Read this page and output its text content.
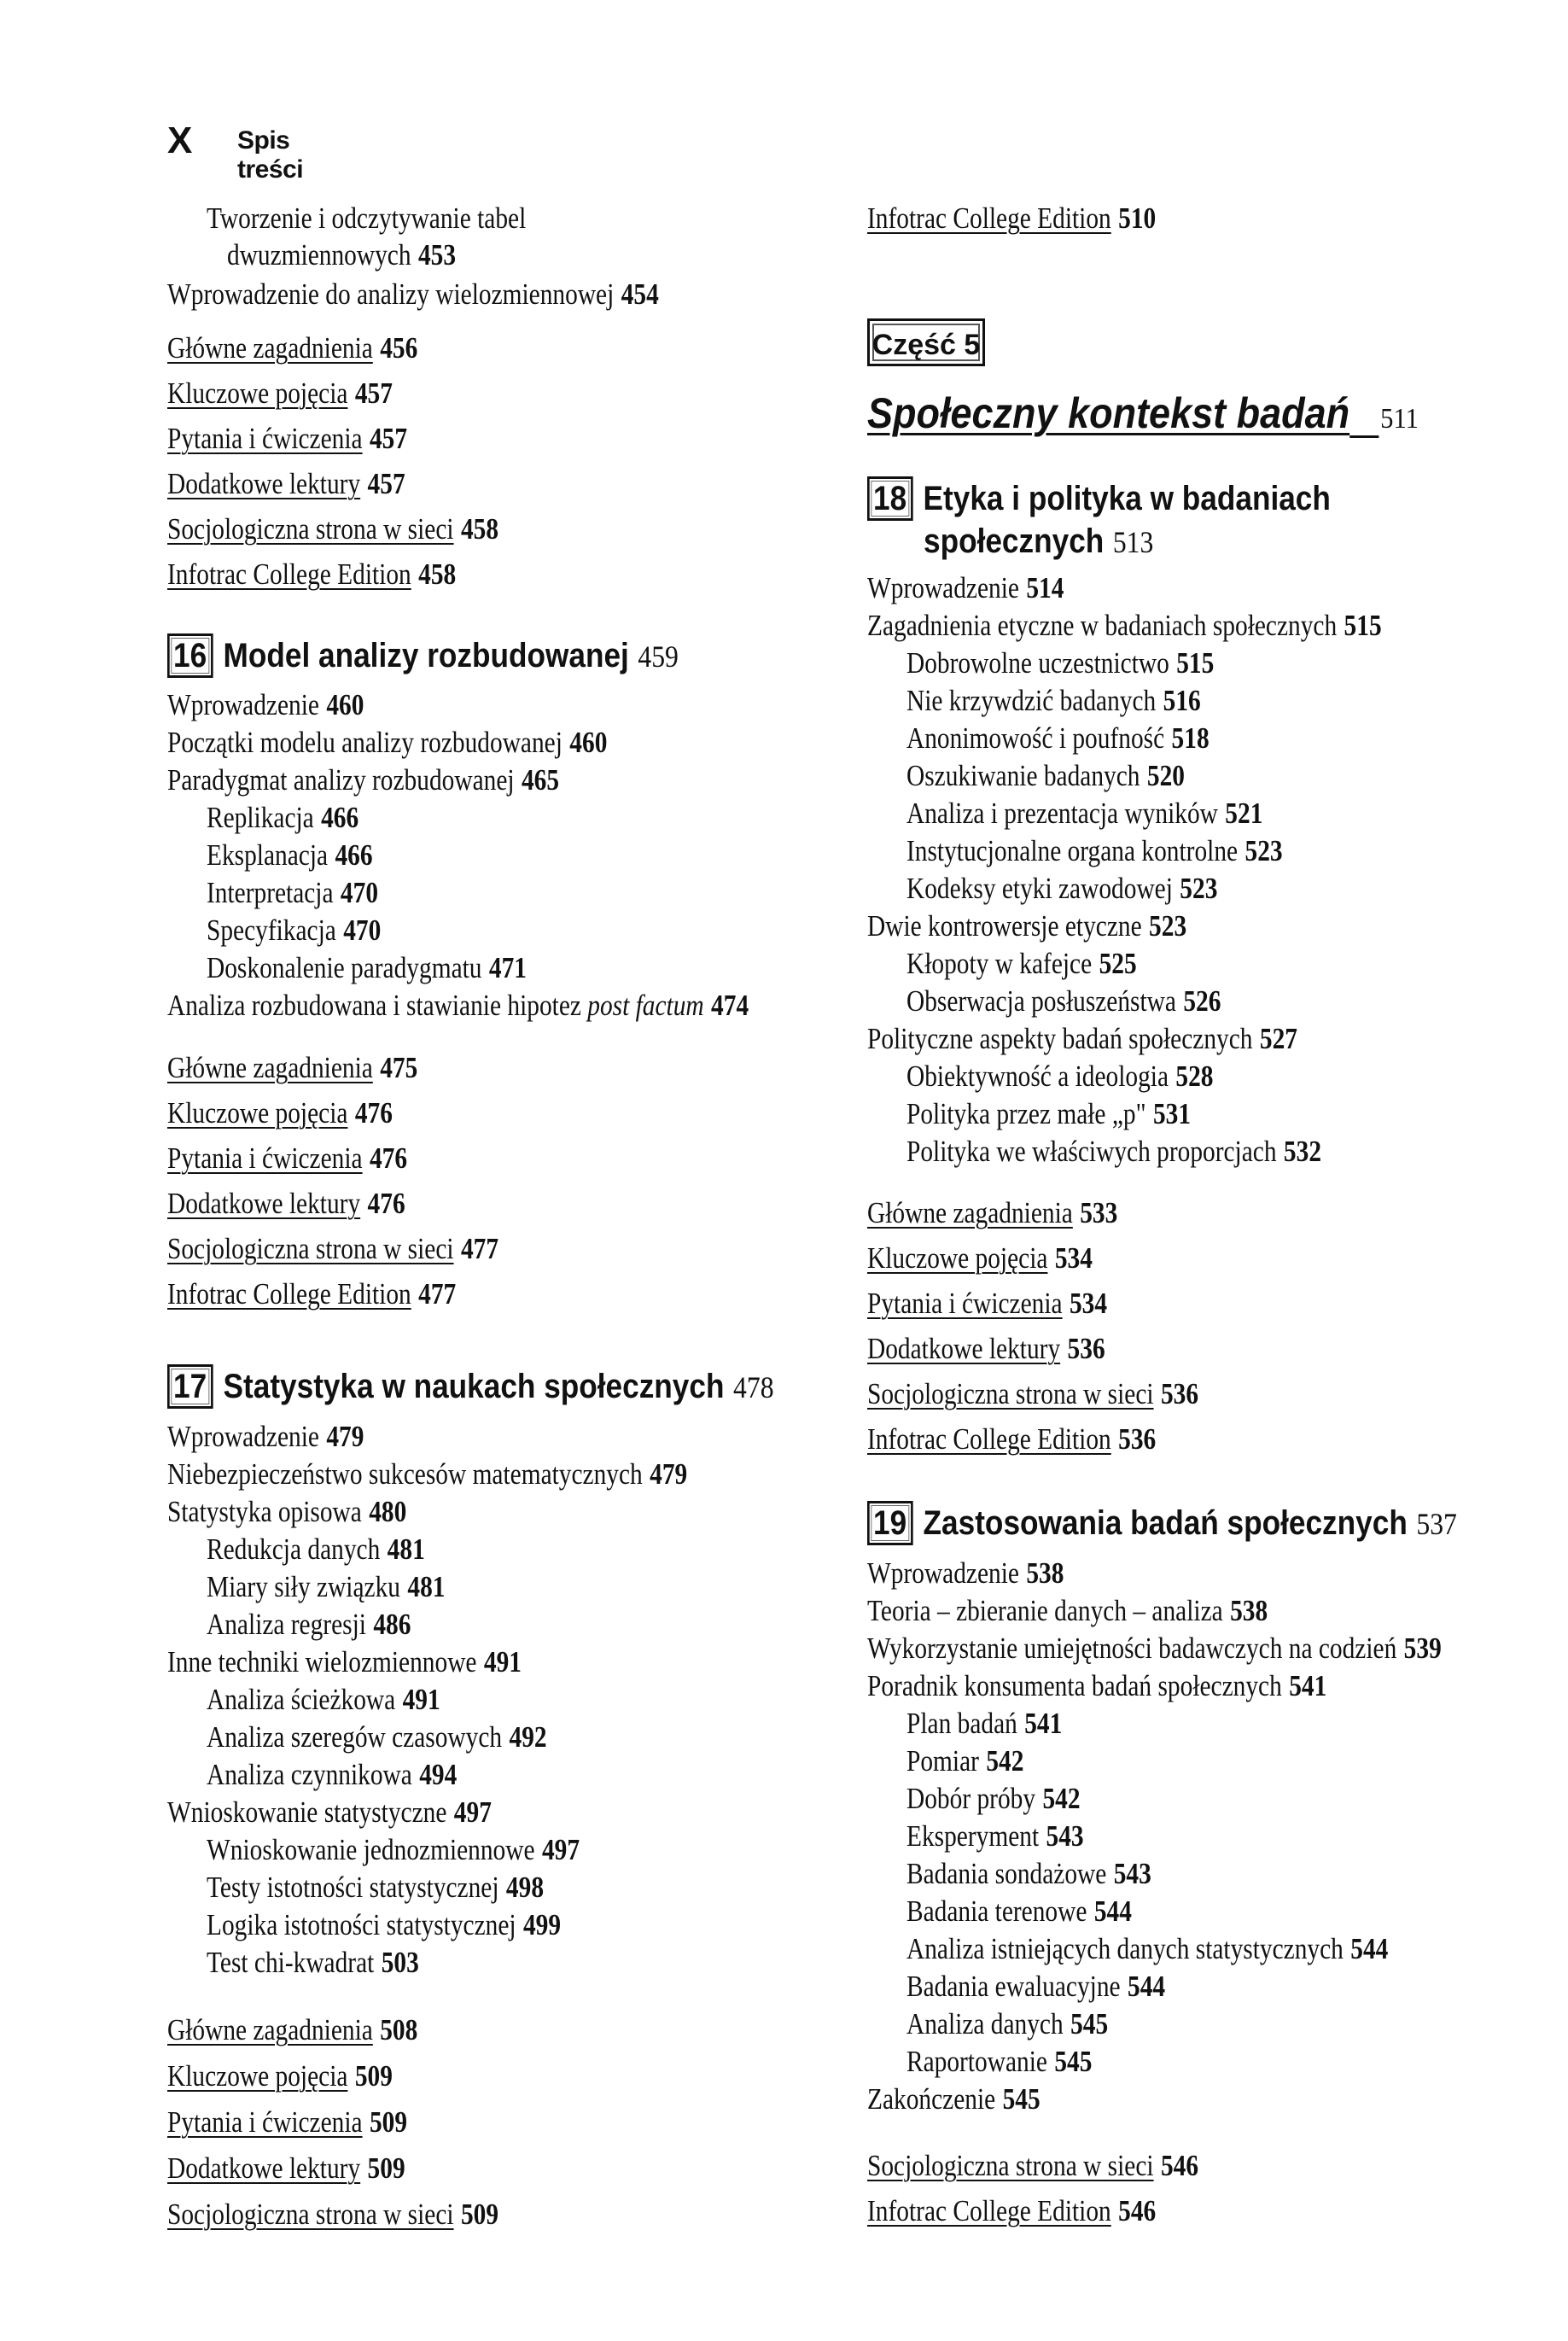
X Spis treści
Tworzenie i odczytywanie tabel
dwuzmiennowych 453
Wprowadzenie do analizy wielozmiennowej 454
Główne zagadnienia 456
Kluczowe pojęcia 457
Pytania i ćwiczenia 457
Dodatkowe lektury 457
Socjologiczna strona w sieci 458
Infotrac College Edition 458
16 Model analizy rozbudowanej 459
Wprowadzenie 460
Początki modelu analizy rozbudowanej 460
Paradygmat analizy rozbudowanej 465
Replikacja 466
Eksplanacja 466
Interpretacja 470
Specyfikacja 470
Doskonalenie paradygmatu 471
Analiza rozbudowana i stawianie hipotez post factum 474
Główne zagadnienia 475
Kluczowe pojęcia 476
Pytania i ćwiczenia 476
Dodatkowe lektury 476
Socjologiczna strona w sieci 477
Infotrac College Edition 477
17 Statystyka w naukach społecznych 478
Wprowadzenie 479
Niebezpieczeństwo sukcesów matematycznych 479
Statystyka opisowa 480
Redukcja danych 481
Miary siły związku 481
Analiza regresji 486
Inne techniki wielozmiennowe 491
Analiza ścieżkowa 491
Analiza szeregów czasowych 492
Analiza czynnikowa 494
Wnioskowanie statystyczne 497
Wnioskowanie jednozmiennowe 497
Testy istotności statystycznej 498
Logika istotności statystycznej 499
Test chi-kwadrat 503
Główne zagadnienia 508
Kluczowe pojęcia 509
Pytania i ćwiczenia 509
Dodatkowe lektury 509
Socjologiczna strona w sieci 509
Infotrac College Edition 510
Część 5
Społeczny kontekst badań 511
18 Etyka i polityka w badaniach
społecznych 513
Wprowadzenie 514
Zagadnienia etyczne w badaniach społecznych 515
Dobrowolne uczestnictwo 515
Nie krzywdzić badanych 516
Anonimowość i poufność 518
Oszukiwanie badanych 520
Analiza i prezentacja wyników 521
Instytucjonalne organa kontrolne 523
Kodeksy etyki zawodowej 523
Dwie kontrowersje etyczne 523
Kłopoty w kafejce 525
Obserwacja posłuszeństwa 526
Polityczne aspekty badań społecznych 527
Obiektywność a ideologia 528
Polityka przez małe „p" 531
Polityka we właściwych proporcjach 532
Główne zagadnienia 533
Kluczowe pojęcia 534
Pytania i ćwiczenia 534
Dodatkowe lektury 536
Socjologiczna strona w sieci 536
Infotrac College Edition 536
19 Zastosowania badań społecznych 537
Wprowadzenie 538
Teoria – zbieranie danych – analiza 538
Wykorzystanie umiejętności badawczych na codzień 539
Poradnik konsumenta badań społecznych 541
Plan badań 541
Pomiar 542
Dobór próby 542
Eksperyment 543
Badania sondażowe 543
Badania terenowe 544
Analiza istniejących danych statystycznych 544
Badania ewaluacyjne 544
Analiza danych 545
Raportowanie 545
Zakończenie 545
Socjologiczna strona w sieci 546
Infotrac College Edition 546
